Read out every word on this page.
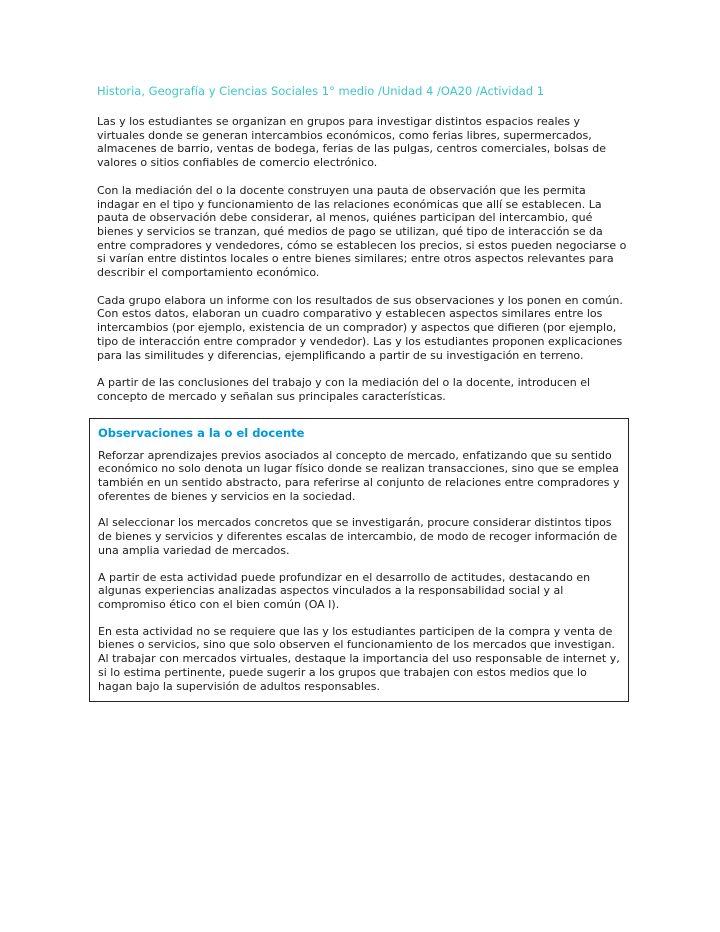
Historia, Geografía y Ciencias Sociales 1° medio /Unidad 4 /OA20 /Actividad 1

Las y los estudiantes se organizan en grupos para investigar distintos espacios reales y virtuales donde se generan intercambios económicos, como ferias libres, supermercados, almacenes de barrio, ventas de bodega, ferias de las pulgas, centros comerciales, bolsas de valores o sitios confiables de comercio electrónico.

Con la mediación del o la docente construyen una pauta de observación que les permita indagar en el tipo y funcionamiento de las relaciones económicas que allí se establecen. La pauta de observación debe considerar, al menos, quiénes participan del intercambio, qué bienes y servicios se tranzan, qué medios de pago se utilizan, qué tipo de interacción se da entre compradores y vendedores, cómo se establecen los precios, si estos pueden negociarse o si varían entre distintos locales o entre bienes similares; entre otros aspectos relevantes para describir el comportamiento económico.

Cada grupo elabora un informe con los resultados de sus observaciones y los ponen en común. Con estos datos, elaboran un cuadro comparativo y establecen aspectos similares entre los intercambios (por ejemplo, existencia de un comprador) y aspectos que difieren (por ejemplo, tipo de interacción entre comprador y vendedor). Las y los estudiantes proponen explicaciones para las similitudes y diferencias, ejemplificando a partir de su investigación en terreno.

A partir de las conclusiones del trabajo y con la mediación del o la docente, introducen el concepto de mercado y señalan sus principales características.

Observaciones a la o el docente

Reforzar aprendizajes previos asociados al concepto de mercado, enfatizando que su sentido económico no solo denota un lugar físico donde se realizan transacciones, sino que se emplea también en un sentido abstracto, para referirse al conjunto de relaciones entre compradores y oferentes de bienes y servicios en la sociedad.

Al seleccionar los mercados concretos que se investigarán, procure considerar distintos tipos de bienes y servicios y diferentes escalas de intercambio, de modo de recoger información de una amplia variedad de mercados.

A partir de esta actividad puede profundizar en el desarrollo de actitudes, destacando en algunas experiencias analizadas aspectos vinculados a la responsabilidad social y al compromiso ético con el bien común (OA I).

En esta actividad no se requiere que las y los estudiantes participen de la compra y venta de bienes o servicios, sino que solo observen el funcionamiento de los mercados que investigan. Al trabajar con mercados virtuales, destaque la importancia del uso responsable de internet y, si lo estima pertinente, puede sugerir a los grupos que trabajen con estos medios que lo hagan bajo la supervisión de adultos responsables.
